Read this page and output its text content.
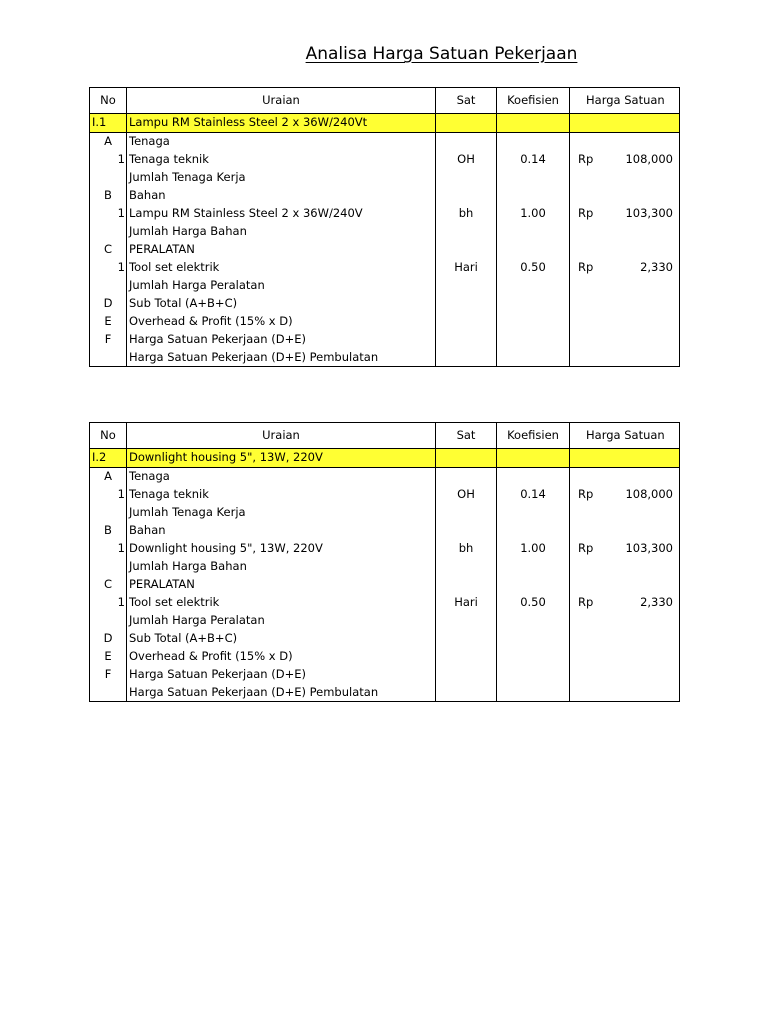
Analisa Harga Satuan Pekerjaan
No	Uraian	Sat	Koefisien	Harga Satuan
I.1	Lampu RM Stainless Steel 2 x 36W/240Vt			
A	Tenaga			

1	Tenaga teknik	OH	0.14	Rp 108,000

	Jumlah Tenaga Kerja			

B	Bahan			

1	Lampu RM Stainless Steel 2 x 36W/240V	bh	1.00	Rp 103,300

	Jumlah Harga Bahan			

C	PERALATAN			

1	Tool set elektrik	Hari	0.50	Rp 2,330

	Jumlah Harga Peralatan			

D	Sub Total (A+B+C)			

E	Overhead & Profit (15% x D)			

F	Harga Satuan Pekerjaan (D+E)			

	Harga Satuan Pekerjaan (D+E) Pembulatan			
No	Uraian	Sat	Koefisien	Harga Satuan
I.2	Downlight housing 5", 13W, 220V			
A	Tenaga			

1	Tenaga teknik	OH	0.14	Rp 108,000

	Jumlah Tenaga Kerja			

B	Bahan			

1	Downlight housing 5", 13W, 220V	bh	1.00	Rp 103,300

	Jumlah Harga Bahan			

C	PERALATAN			

1	Tool set elektrik	Hari	0.50	Rp 2,330

	Jumlah Harga Peralatan			

D	Sub Total (A+B+C)			

E	Overhead & Profit (15% x D)			

F	Harga Satuan Pekerjaan (D+E)			

	Harga Satuan Pekerjaan (D+E) Pembulatan			
